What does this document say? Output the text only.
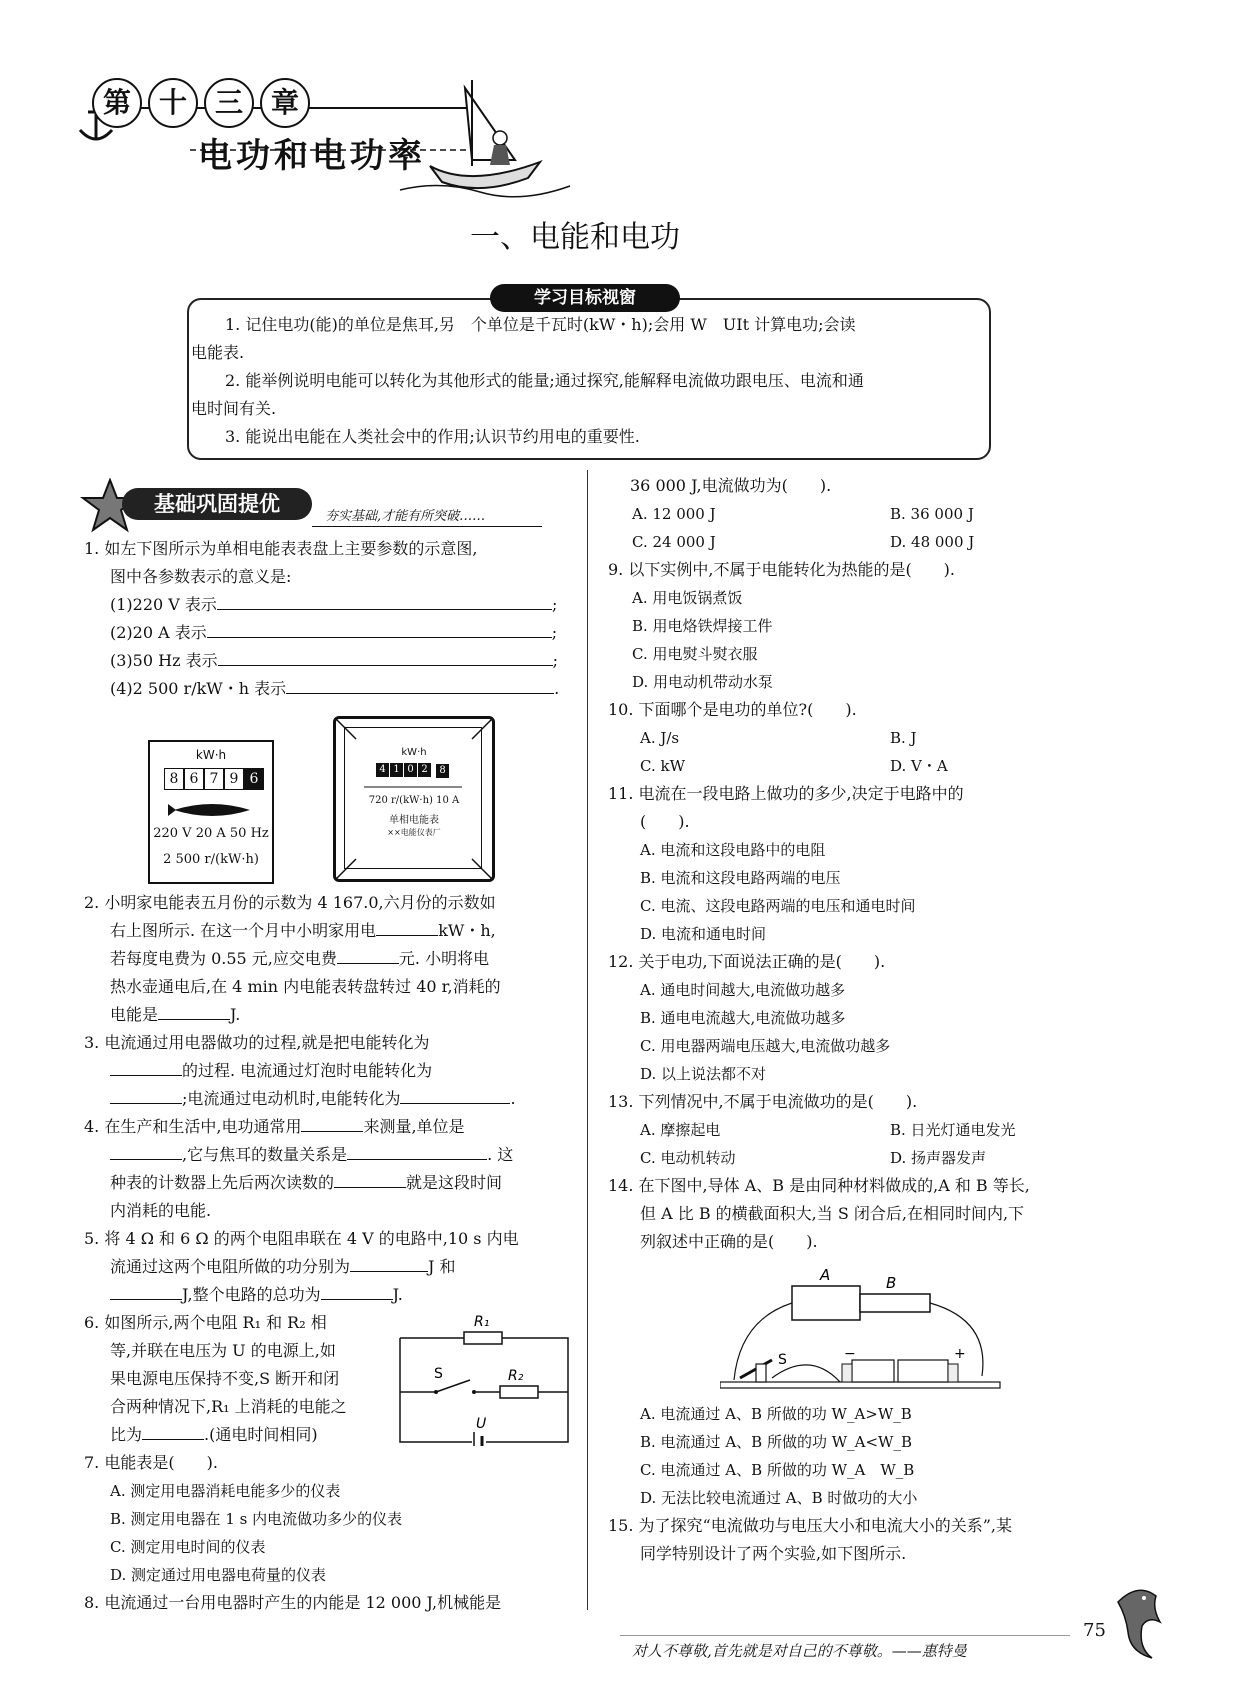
第 十 三 章
电功和电功率
一、电能和电功
学习目标视窗
1. 记住电功(能)的单位是焦耳,另　个单位是千瓦时(kW・h);会用 W　UIt 计算电功;会读
电能表.
2. 能举例说明电能可以转化为其他形式的能量;通过探究,能解释电流做功跟电压、电流和通
电时间有关.
3. 能说出电能在人类社会中的作用;认识节约用电的重要性.
基础巩固提优
夯实基础,才能有所突破……
1. 如左下图所示为单相电能表表盘上主要参数的示意图,
图中各参数表示的意义是:
(1)220 V 表示	;
(2)20 A 表示	;
(3)50 Hz 表示	;
(4)2 500 r/kW・h 表示	.
kW·h
8 6 7 9 6
220 V 20 A 50 Hz
2 500 r/(kW·h)
kW·h
4 1 0 2	8
720 r/(kW·h) 10 A
单相电能表
××电能仪表厂
2. 小明家电能表五月份的示数为 4 167.0,六月份的示数如
右上图所示. 在这一个月中小明家用电	kW・h,
若每度电费为 0.55 元,应交电费	元. 小明将电
热水壶通电后,在 4 min 内电能表转盘转过 40 r,消耗的
电能是	J.
3. 电流通过用电器做功的过程,就是把电能转化为
的过程. 电流通过灯泡时电能转化为
;电流通过电动机时,电能转化为	.
4. 在生产和生活中,电功通常用	来测量,单位是
,它与焦耳的数量关系是	. 这
种表的计数器上先后两次读数的	就是这段时间
内消耗的电能.
5. 将 4 Ω 和 6 Ω 的两个电阻串联在 4 V 的电路中,10 s 内电
流通过这两个电阻所做的功分别为	J 和
J,整个电路的总功为	J.
6. 如图所示,两个电阻 R₁ 和 R₂ 相
等,并联在电压为 U 的电源上,如
果电源电压保持不变,S 断开和闭
合两种情况下,R₁ 上消耗的电能之
比为	.(通电时间相同)
R₁
R₂
S
U
7. 电能表是(　　).
A. 测定用电器消耗电能多少的仪表
B. 测定用电器在 1 s 内电流做功多少的仪表
C. 测定用电时间的仪表
D. 测定通过用电器电荷量的仪表
8. 电流通过一台用电器时产生的内能是 12 000 J,机械能是
36 000 J,电流做功为(　　).
A. 12 000 J	B. 36 000 J
C. 24 000 J	D. 48 000 J
9. 以下实例中,不属于电能转化为热能的是(　　).
A. 用电饭锅煮饭
B. 用电烙铁焊接工件
C. 用电熨斗熨衣服
D. 用电动机带动水泵
10. 下面哪个是电功的单位?(　　).
A. J/s	B. J
C. kW	D. V・A
11. 电流在一段电路上做功的多少,决定于电路中的
(　　).
A. 电流和这段电路中的电阻
B. 电流和这段电路两端的电压
C. 电流、这段电路两端的电压和通电时间
D. 电流和通电时间
12. 关于电功,下面说法正确的是(　　).
A. 通电时间越大,电流做功越多
B. 通电电流越大,电流做功越多
C. 用电器两端电压越大,电流做功越多
D. 以上说法都不对
13. 下列情况中,不属于电流做功的是(　　).
A. 摩擦起电	B. 日光灯通电发光
C. 电动机转动	D. 扬声器发声
14. 在下图中,导体 A、B 是由同种材料做成的,A 和 B 等长,
但 A 比 B 的横截面积大,当 S 闭合后,在相同时间内,下
列叙述中正确的是(　　).
A	B
S	−	+
A. 电流通过 A、B 所做的功 W_A>W_B
B. 电流通过 A、B 所做的功 W_A<W_B
C. 电流通过 A、B 所做的功 W_A　W_B
D. 无法比较电流通过 A、B 时做功的大小
15. 为了探究“电流做功与电压大小和电流大小的关系”,某
同学特别设计了两个实验,如下图所示.
对人不尊敬,首先就是对自己的不尊敬。——惠特曼
75
